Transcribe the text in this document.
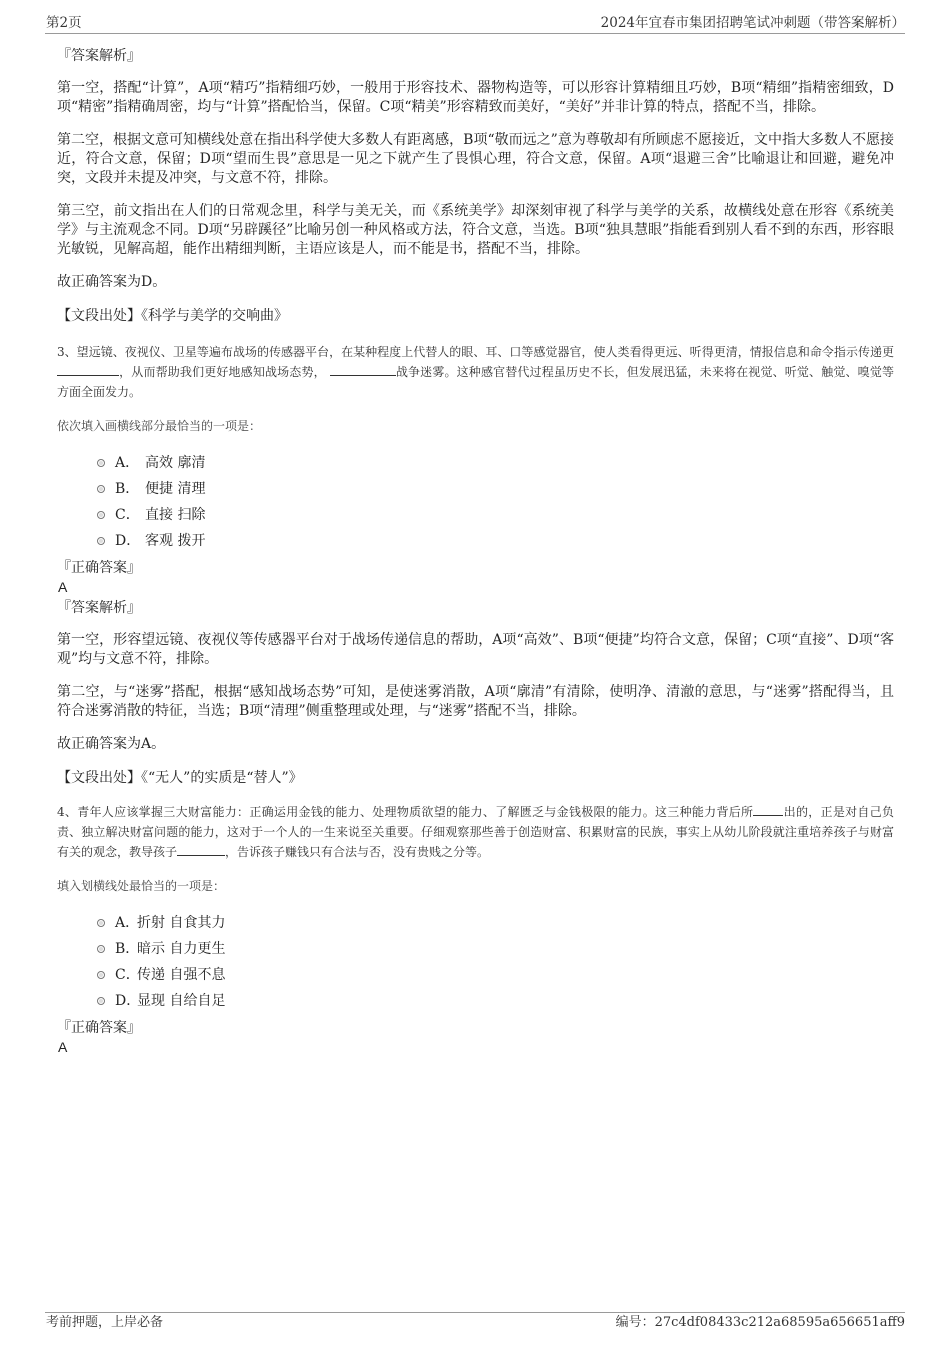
第2页	2024年宜春市集团招聘笔试冲刺题（带答案解析）

『答案解析』

第一空，搭配“计算”，A项“精巧”指精细巧妙，一般用于形容技术、器物构造等，可以形容计算精细且巧妙，B项“精细”指精密细致，D项“精密”指精确周密，均与“计算”搭配恰当，保留。C项“精美”形容精致而美好，“美好”并非计算的特点，搭配不当，排除。

第二空，根据文意可知横线处意在指出科学使大多数人有距离感，B项“敬而远之”意为尊敬却有所顾虑不愿接近，文中指大多数人不愿接近，符合文意，保留；D项“望而生畏”意思是一见之下就产生了畏惧心理，符合文意，保留。A项“退避三舍”比喻退让和回避，避免冲突，文段并未提及冲突，与文意不符，排除。

第三空，前文指出在人们的日常观念里，科学与美无关，而《系统美学》却深刻审视了科学与美学的关系，故横线处意在形容《系统美学》与主流观念不同。D项“另辟蹊径”比喻另创一种风格或方法，符合文意，当选。B项“独具慧眼”指能看到别人看不到的东西，形容眼光敏锐，见解高超，能作出精细判断，主语应该是人，而不能是书，搭配不当，排除。

故正确答案为D。

【文段出处】《科学与美学的交响曲》

3、望远镜、夜视仪、卫星等遍布战场的传感器平台，在某种程度上代替人的眼、耳、口等感觉器官，使人类看得更远、听得更清，情报信息和命令指示传递更 ，从而帮助我们更好地感知战场态势，	战争迷雾。这种感官替代过程虽历史不长，但发展迅猛，未来将在视觉、听觉、触觉、嗅觉等方面全面发力。

依次填入画横线部分最恰当的一项是：

A． 高效 廓清
B． 便捷 清理
C． 直接 扫除
D． 客观 拨开

『正确答案』

A

『答案解析』

第一空，形容望远镜、夜视仪等传感器平台对于战场传递信息的帮助，A项“高效”、B项“便捷”均符合文意，保留；C项“直接”、D项“客观”均与文意不符，排除。

第二空，与“迷雾”搭配，根据“感知战场态势”可知，是使迷雾消散，A项“廓清”有清除，使明净、清澈的意思，与“迷雾”搭配得当，且符合迷雾消散的特征，当选；B项“清理”侧重整理或处理，与“迷雾”搭配不当，排除。

故正确答案为A。

【文段出处】《“无人”的实质是“替人”》

4、青年人应该掌握三大财富能力：正确运用金钱的能力、处理物质欲望的能力、了解匮乏与金钱极限的能力。这三种能力背后所	出的，正是对自己负责、独立解决财富问题的能力，这对于一个人的一生来说至关重要。仔细观察那些善于创造财富、积累财富的民族，事实上从幼儿阶段就注重培养孩子与财富有关的观念，教导孩子	，告诉孩子赚钱只有合法与否，没有贵贱之分等。

填入划横线处最恰当的一项是：

A．折射 自食其力
B．暗示 自力更生
C．传递 自强不息
D．显现 自给自足

『正确答案』

A

考前押题，上岸必备	编号：27c4df08433c212a68595a656651aff9
